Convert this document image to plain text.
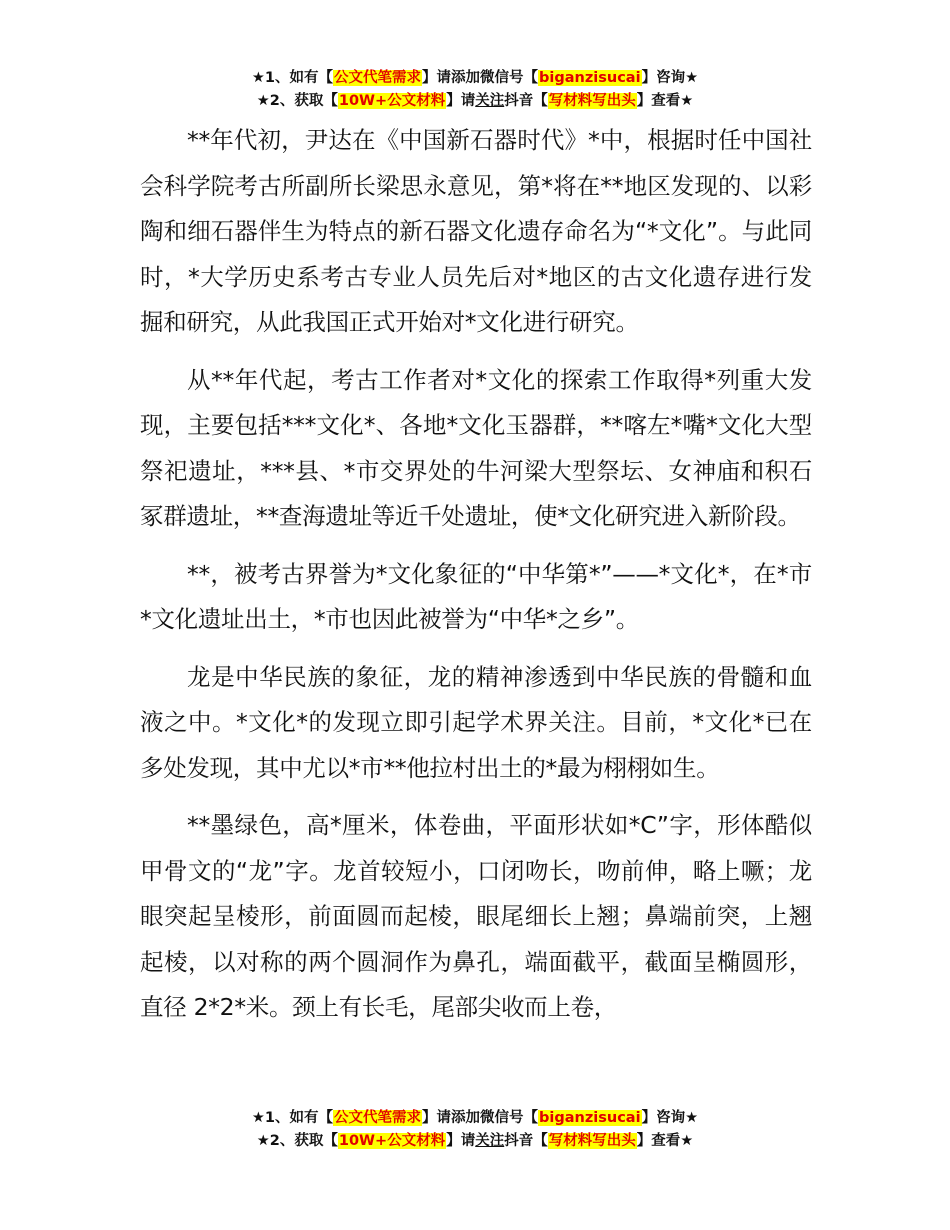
★1、如有【公文代笔需求】请添加微信号【biganzisucai】咨询★
★2、获取【10W+公文材料】请关注抖音【写材料写出头】查看★

**年代初，尹达在《中国新石器时代》*中，根据时任中国社会科学院考古所副所长梁思永意见，第*将在**地区发现的、以彩陶和细石器伴生为特点的新石器文化遗存命名为“*文化”。与此同时，*大学历史系考古专业人员先后对*地区的古文化遗存进行发掘和研究，从此我国正式开始对*文化进行研究。

从**年代起，考古工作者对*文化的探索工作取得*列重大发现，主要包括***文化*、各地*文化玉器群，**喀左*嘴*文化大型祭祀遗址，***县、*市交界处的牛河梁大型祭坛、女神庙和积石冢群遗址，**查海遗址等近千处遗址，使*文化研究进入新阶段。

**，被考古界誉为*文化象征的“中华第*”——*文化*，在*市*文化遗址出土，*市也因此被誉为“中华*之乡”。

龙是中华民族的象征，龙的精神渗透到中华民族的骨髓和血液之中。*文化*的发现立即引起学术界关注。目前，*文化*已在多处发现，其中尤以*市**他拉村出土的*最为栩栩如生。

**墨绿色，高*厘米，体卷曲，平面形状如*C”字，形体酷似甲骨文的“龙”字。龙首较短小，口闭吻长，吻前伸，略上噘；龙眼突起呈棱形，前面圆而起棱，眼尾细长上翘；鼻端前突，上翘起棱，以对称的两个圆洞作为鼻孔，端面截平，截面呈椭圆形，直径 2*2*米。颈上有长毛，尾部尖收而上卷，

★1、如有【公文代笔需求】请添加微信号【biganzisucai】咨询★
★2、获取【10W+公文材料】请关注抖音【写材料写出头】查看★
